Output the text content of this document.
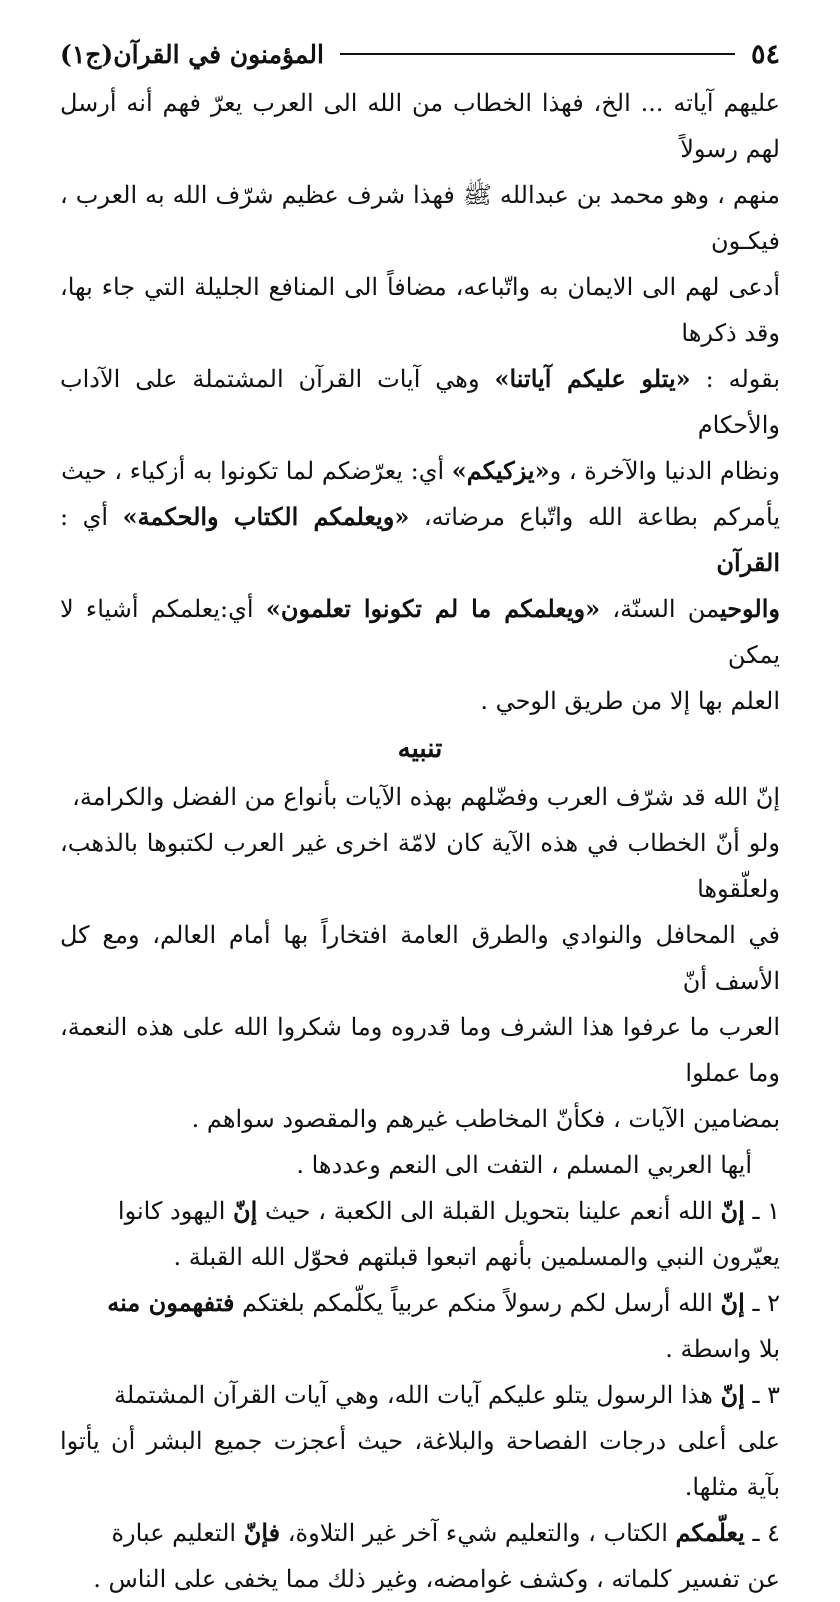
٥٤
المؤمنون في القرآن(ج١)

عليهم آياته ... الخ، فهذا الخطاب من الله الى العرب يعرّ فهم أنه أرسل لهم رسولاً

منهم ، وهو محمد بن عبدالله ﷺ فهذا شرف عظيم شرّف الله به العرب ، فيكـون

أدعى لهم الى الايمان به واتّباعه، مضافاً الى المنافع الجليلة التي جاء بها، وقد ذكرها

بقوله : «يتلو عليكم آياتنا» وهي آيات القرآن المشتملة على الآداب والأحكام

ونظام الدنيا والآخرة ، و«يزكيكم» أي: يعرّضكم لما تكونوا به أزكياء ، حيث

يأمركم بطاعة الله واتّباع مرضاته، «ويعلمكم الكتاب والحكمة» أي : القرآن

والوحيمن السنّة، «ويعلمكم ما لم تكونوا تعلمون» أي:يعلمكم أشياء لا يمكن

العلم بها إلا من طريق الوحي .

تنبيه

إنّ الله قد شرّف العرب وفضّلهم بهذه الآيات بأنواع من الفضل والكرامة،

ولو أنّ الخطاب في هذه الآية كان لامّة اخرى غير العرب لكتبوها بالذهب، ولعلّقوها

في المحافل والنوادي والطرق العامة افتخاراً بها أمام العالم، ومع كل الأسف أنّ

العرب ما عرفوا هذا الشرف وما قدروه وما شكروا الله على هذه النعمة، وما عملوا

بمضامين الآيات ، فكأنّ المخاطب غيرهم والمقصود سواهم .

أيها العربي المسلم ، التفت الى النعم وعددها .

١ ـ إنّ الله أنعم علينا بتحويل القبلة الى الكعبة ، حيث إنّ اليهود كانوا

يعيّرون النبي والمسلمين بأنهم اتبعوا قبلتهم فحوّل الله القبلة .

٢ ـ إنّ الله أرسل لكم رسولاً منكم عربياً يكلّمكم بلغتكم فتفهمون منه

بلا واسطة .

٣ ـ إنّ هذا الرسول يتلو عليكم آيات الله، وهي آيات القرآن المشتملة

على أعلى درجات الفصاحة والبلاغة، حيث أعجزت جميع البشر أن يأتوا بآية مثلها.

٤ ـ يعلّمكم الكتاب ، والتعليم شيء آخر غير التلاوة، فإنّ التعليم عبارة

عن تفسير كلماته ، وكشف غوامضه، وغير ذلك مما يخفى على الناس .
